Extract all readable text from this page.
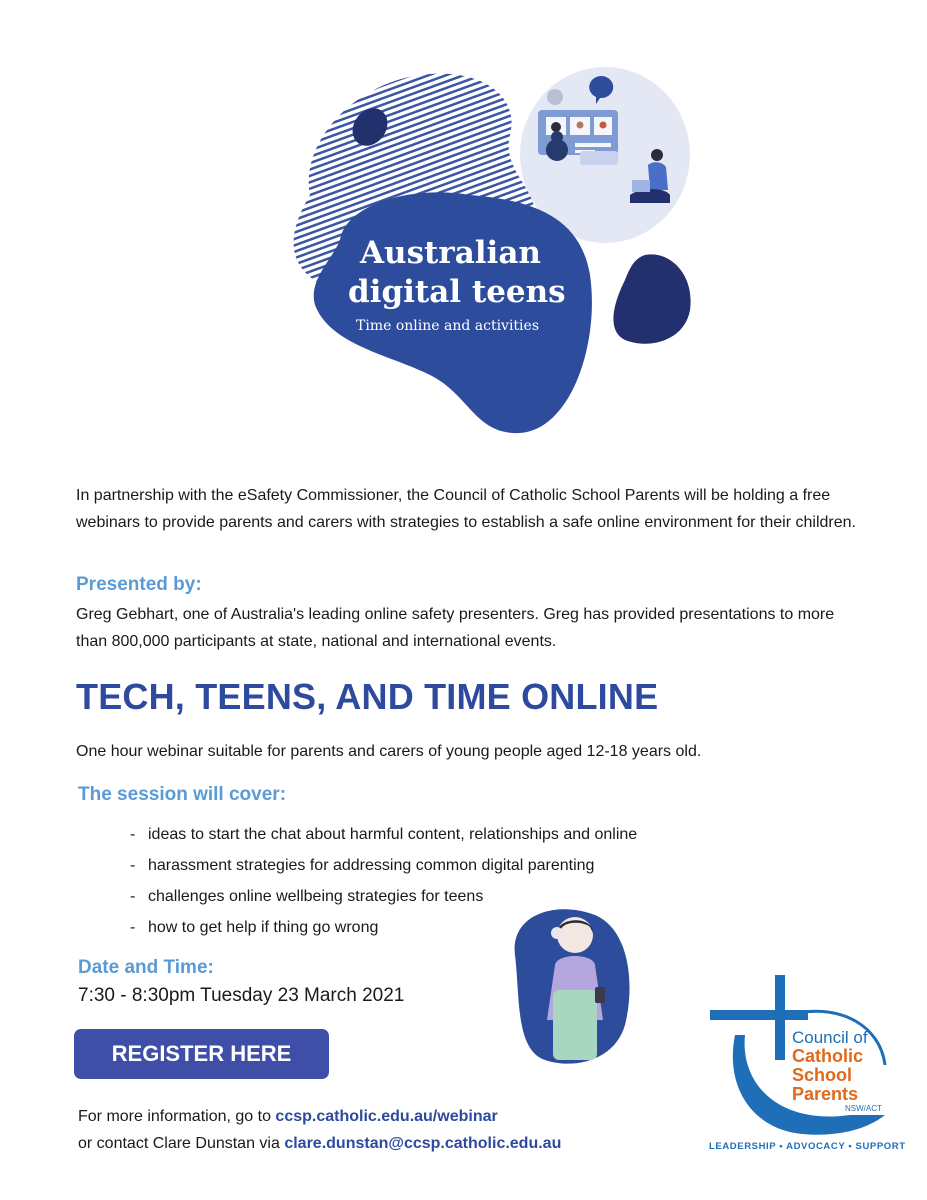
Australian
digital teens
Time online and activities
In partnership with the eSafety Commissioner, the Council of Catholic School Parents will be holding a free webinars to provide parents and carers with strategies to establish a safe online environment for their children.
Presented by:
Greg Gebhart, one of Australia's leading online safety presenters. Greg has provided presentations to more than 800,000 participants at state, national and international events.
TECH, TEENS, AND TIME ONLINE
One hour webinar suitable for parents and carers of young people aged 12-18 years old.
The session will cover:
- ideas to start the chat about harmful content, relationships and online
- harassment strategies for addressing common digital parenting
- challenges online wellbeing strategies for teens
- how to get help if thing go wrong
Date and Time:
7:30 - 8:30pm Tuesday 23 March 2021
REGISTER HERE
For more information, go to ccsp.catholic.edu.au/webinar
or contact Clare Dunstan via clare.dunstan@ccsp.catholic.edu.au
Council of
Catholic
School
Parents
NSW/ACT
LEADERSHIP • ADVOCACY • SUPPORT
